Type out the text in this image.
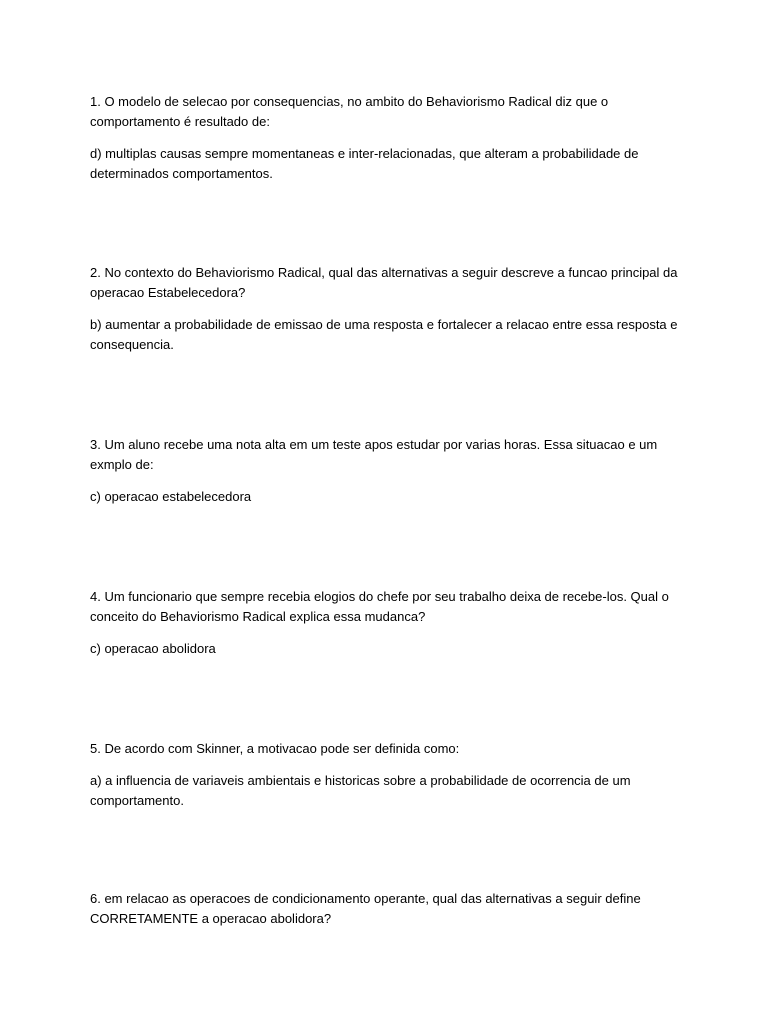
1. O modelo de selecao por consequencias, no ambito do Behaviorismo Radical diz que o comportamento é resultado de:

d) multiplas causas sempre momentaneas e inter-relacionadas, que alteram a probabilidade de determinados comportamentos.

2. No contexto do Behaviorismo Radical, qual das alternativas a seguir descreve a funcao principal da operacao Estabelecedora?

b) aumentar a probabilidade de emissao de uma resposta e fortalecer a relacao entre essa resposta e consequencia.

3. Um aluno recebe uma nota alta em um teste apos estudar por varias horas. Essa situacao e um exmplo de:

c) operacao estabelecedora

4. Um funcionario que sempre recebia elogios do chefe por seu trabalho deixa de recebe-los. Qual o conceito do Behaviorismo Radical explica essa mudanca?

c) operacao abolidora

5. De acordo com Skinner, a motivacao pode ser definida como:

a) a influencia de variaveis ambientais e historicas sobre a probabilidade de ocorrencia de um comportamento.

6. em relacao as operacoes de condicionamento operante, qual das alternativas a seguir define CORRETAMENTE a operacao abolidora?
